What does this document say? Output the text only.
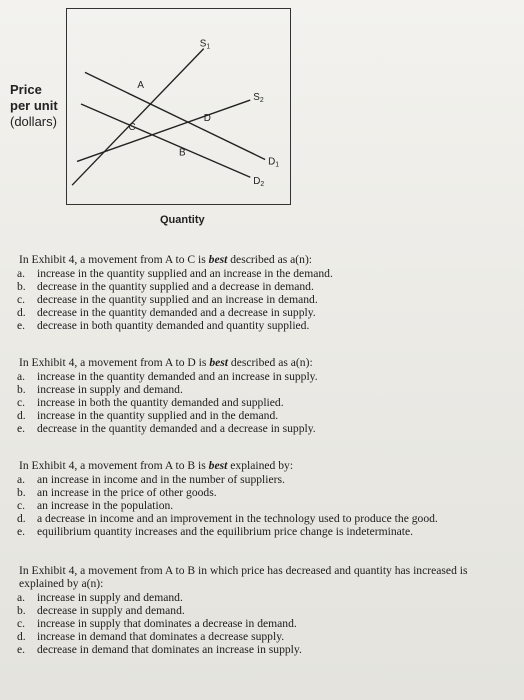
Price
per unit
(dollars)
$S_1$
$S_2$
$D_1$
$D_2$
A
B
C
D
Quantity
In Exhibit 4, a movement from A to C is best described as a(n):
a.	increase in the quantity supplied and an increase in the demand.
b. decrease in the quantity supplied and a decrease in demand.
c.	decrease in the quantity supplied and an increase in demand.
d. decrease in the quantity demanded and a decrease in supply.
e.	decrease in both quantity demanded and quantity supplied.
In Exhibit 4, a movement from A to D is best described as a(n):
a.	increase in the quantity demanded and an increase in supply.
b. increase in supply and demand.
c.	increase in both the quantity demanded and supplied.
d. increase in the quantity supplied and in the demand.
e.	decrease in the quantity demanded and a decrease in supply.
In Exhibit 4, a movement from A to B is best explained by:
a.	an increase in income and in the number of suppliers.
b. an increase in the price of other goods.
c.	an increase in the population.
d. a decrease in income and an improvement in the technology used to produce the good.
e.	equilibrium quantity increases and the equilibrium price change is indeterminate.
In Exhibit 4, a movement from A to B in which price has decreased and quantity has increased is
explained by a(n):
a.	increase in supply and demand.
b. decrease in supply and demand.
c.	increase in supply that dominates a decrease in demand.
d. increase in demand that dominates a decrease supply.
e.	decrease in demand that dominates an increase in supply.
